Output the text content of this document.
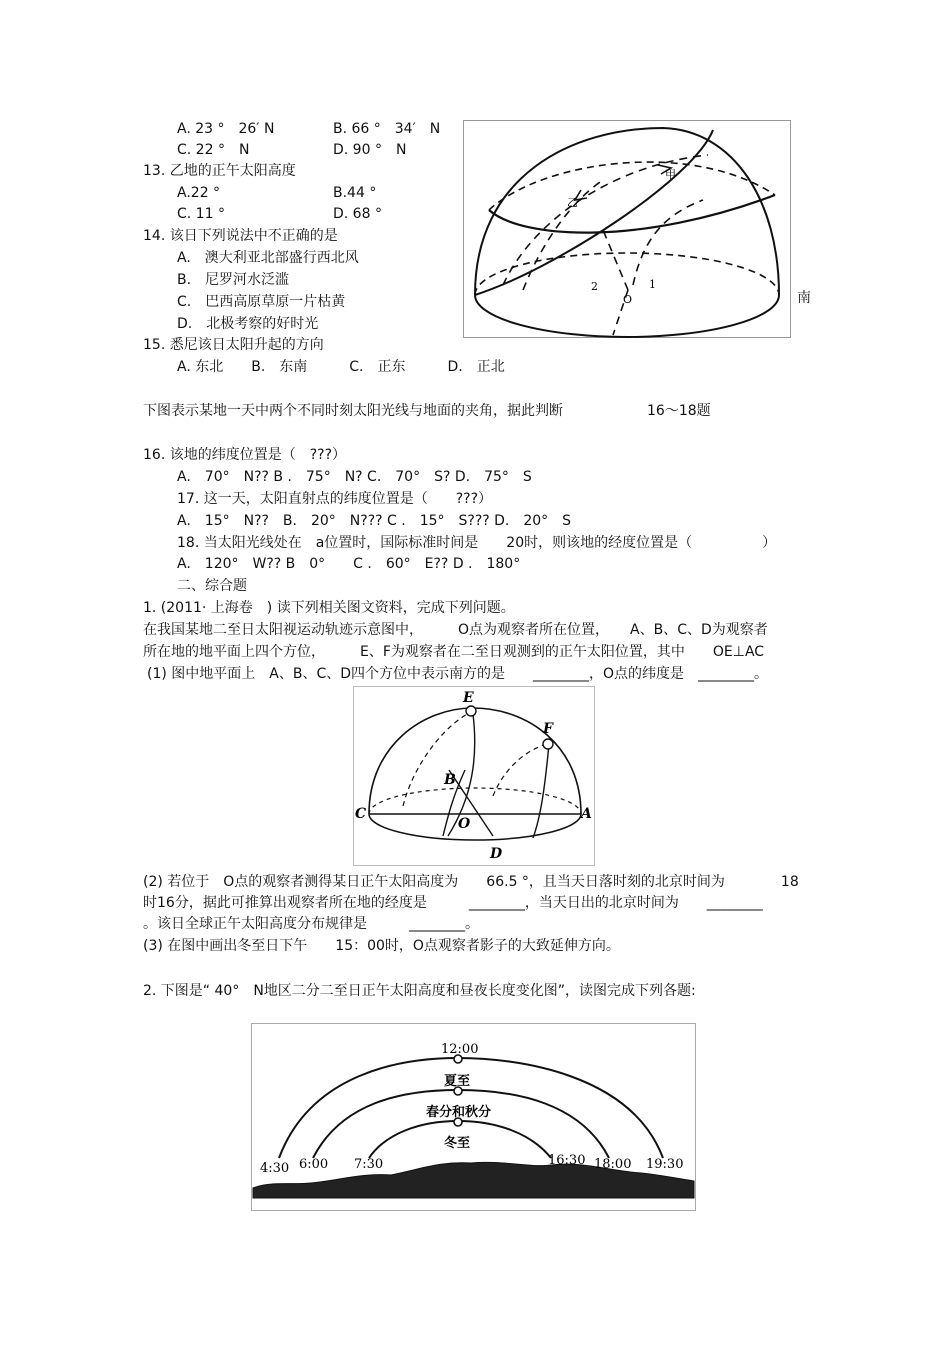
A. 23 °　26′ N	B. 66 °　34′　N
C. 22 °　N	D. 90 °　N
13. 乙地的正午太阳高度
A.22 °	B.44 °
C. 11 °	D. 68 °
14. 该日下列说法中不正确的是
A.　澳大利亚北部盛行西北风
B.　尼罗河水泛滥
C.　巴西高原草原一片枯黄
D.　北极考察的好时光
15. 悉尼该日太阳升起的方向
A. 东北　　B.　东南　　　C.　正东　　　D.　正北
甲
乙
O
1
2
南
下图表示某地一天中两个不同时刻太阳光线与地面的夹角，据此判断	16～18题
16. 该地的纬度位置是（　???）
A.　70°　N?? B .　75°　N? C.　70°　S? D.　75°　S
17. 这一天，太阳直射点的纬度位置是（　　???）
A.　15°　N??　B.　20°　N??? C .　15°　S??? D.　20°　S
18. 当太阳光线处在　a位置时，国际标准时间是　　20时，则该地的经度位置是（　　　　　）
A.　120°　W?? B　0°　　C .　60°　E?? D .　180°
二、综合题
1. (2011· 上海卷　) 读下列相关图文资料，完成下列问题。
在我国某地二至日太阳视运动轨迹示意图中，　　　O点为观察者所在位置，　　A、B、C、D为观察者
所在地的地平面上四个方位，　　　E、F为观察者在二至日观测到的正午太阳位置，其中　　OE⊥AC
(1) 图中地平面上　A、B、C、D四个方位中表示南方的是　　________，O点的纬度是　________。
E
F
A
B
C
D
O
(2) 若位于　O点的观察者测得某日正午太阳高度为　　66.5 °，且当天日落时刻的北京时间为　　　　18
时16分，据此可推算出观察者所在地的经度是　　　________，当天日出的北京时间为　　________
。该日全球正午太阳高度分布规律是　　　________。
(3) 在图中画出冬至日下午　　15：00时，O点观察者影子的大致延伸方向。
2. 下图是“ 40°　N地区二分二至日正午太阳高度和昼夜长度变化图”，读图完成下列各题:
12:00
夏至
春分和秋分
冬至
4:30 6:00 7:30	16:30 18:00 19:30
